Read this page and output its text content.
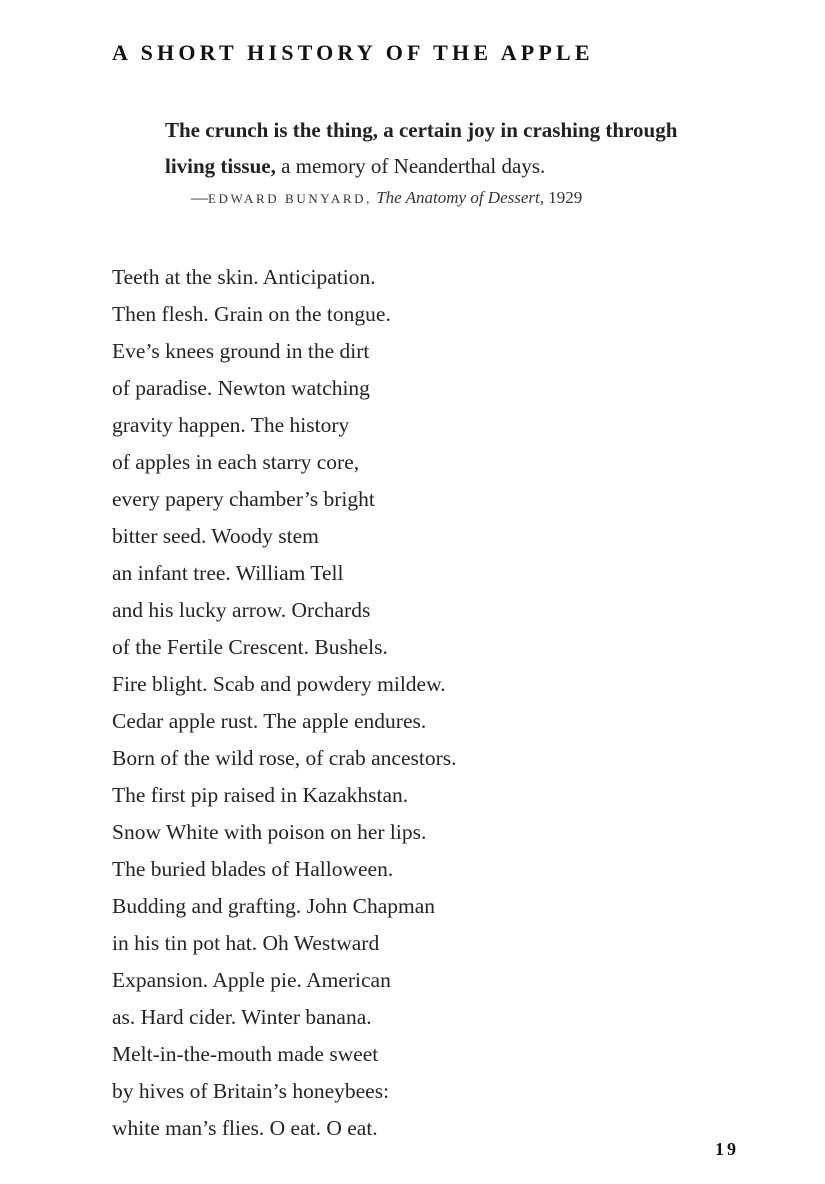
A SHORT HISTORY OF THE APPLE

The crunch is the thing, a certain joy in crashing through
living tissue, a memory of Neanderthal days.

—EDWARD BUNYARD, The Anatomy of Dessert, 1929
Teeth at the skin. Anticipation.
Then flesh. Grain on the tongue.
Eve’s knees ground in the dirt
of paradise. Newton watching
gravity happen. The history
of apples in each starry core,
every papery chamber’s bright
bitter seed. Woody stem
an infant tree. William Tell
and his lucky arrow. Orchards
of the Fertile Crescent. Bushels.
Fire blight. Scab and powdery mildew.
Cedar apple rust. The apple endures.
Born of the wild rose, of crab ancestors.
The first pip raised in Kazakhstan.
Snow White with poison on her lips.
The buried blades of Halloween.
Budding and grafting. John Chapman
in his tin pot hat. Oh Westward
Expansion. Apple pie. American
as. Hard cider. Winter banana.
Melt-in-the-mouth made sweet
by hives of Britain’s honeybees:
white man’s flies. O eat. O eat.
19
